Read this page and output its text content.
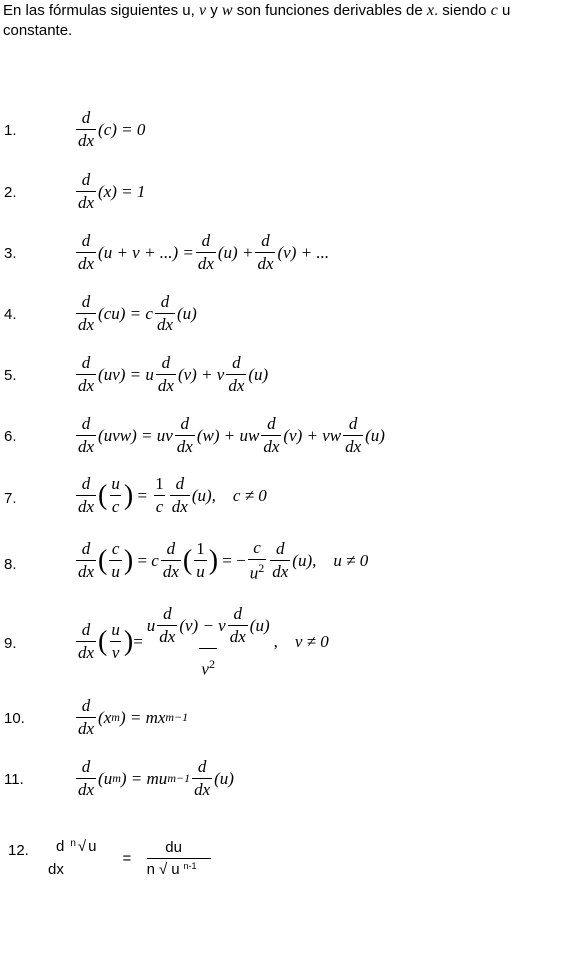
En las fórmulas siguientes u, v y w son funciones derivables de x. siendo c u constante.
1.	$\frac{d}{dx} (c) = 0$
2.	$\frac{d}{dx} (x) = 1$
3.	$\frac{d}{dx} (u + v$ + ...) = $\frac{d}{dx} (u) + \frac{d}{dx} (v)$ + ...
4.	$\frac{d}{dx} (cu) = c \frac{d}{dx} (u)$
5.	$\frac{d}{dx} (uv) = u \frac{d}{dx} (v) + v \frac{d}{dx} (u)$
6.	$\frac{d}{dx} (uvw)$ = uv $\frac{d}{dx} (w)$ + uw $\frac{d}{dx} (v)$ + vw $\frac{d}{dx} (u)$
7.	$\frac{d}{dx}$ ( $\frac{u}{c}$ ) = $\frac{1}{c} \frac{d}{dx} (u)$,
c ≠ 0
8.	$\frac{d}{dx}$ ( $\frac{c}{u}$ ) = c $\frac{d}{dx}$ ( $\frac{1}{u}$ ) = − $\frac{c}{u^2} \frac{d}{dx} (u)$,
u ≠ 0
9.	$\frac{d}{dx}$ ( $\frac{u}{v}$ ) = $\frac{u \frac{d}{dx} (v) - v \frac{d}{dx} (u)}{v^2}$ ,
v ≠ 0
10.	$\frac{d}{dx} (x$ m ) = mx m−1
11.	$\frac{d}{dx} (u$ m ) = mu $m-1 \frac{d}{dx} (u)$
12.	d $^n$ √ u
dx
= $\frac{du}{n √ u ^{n-1}}$
